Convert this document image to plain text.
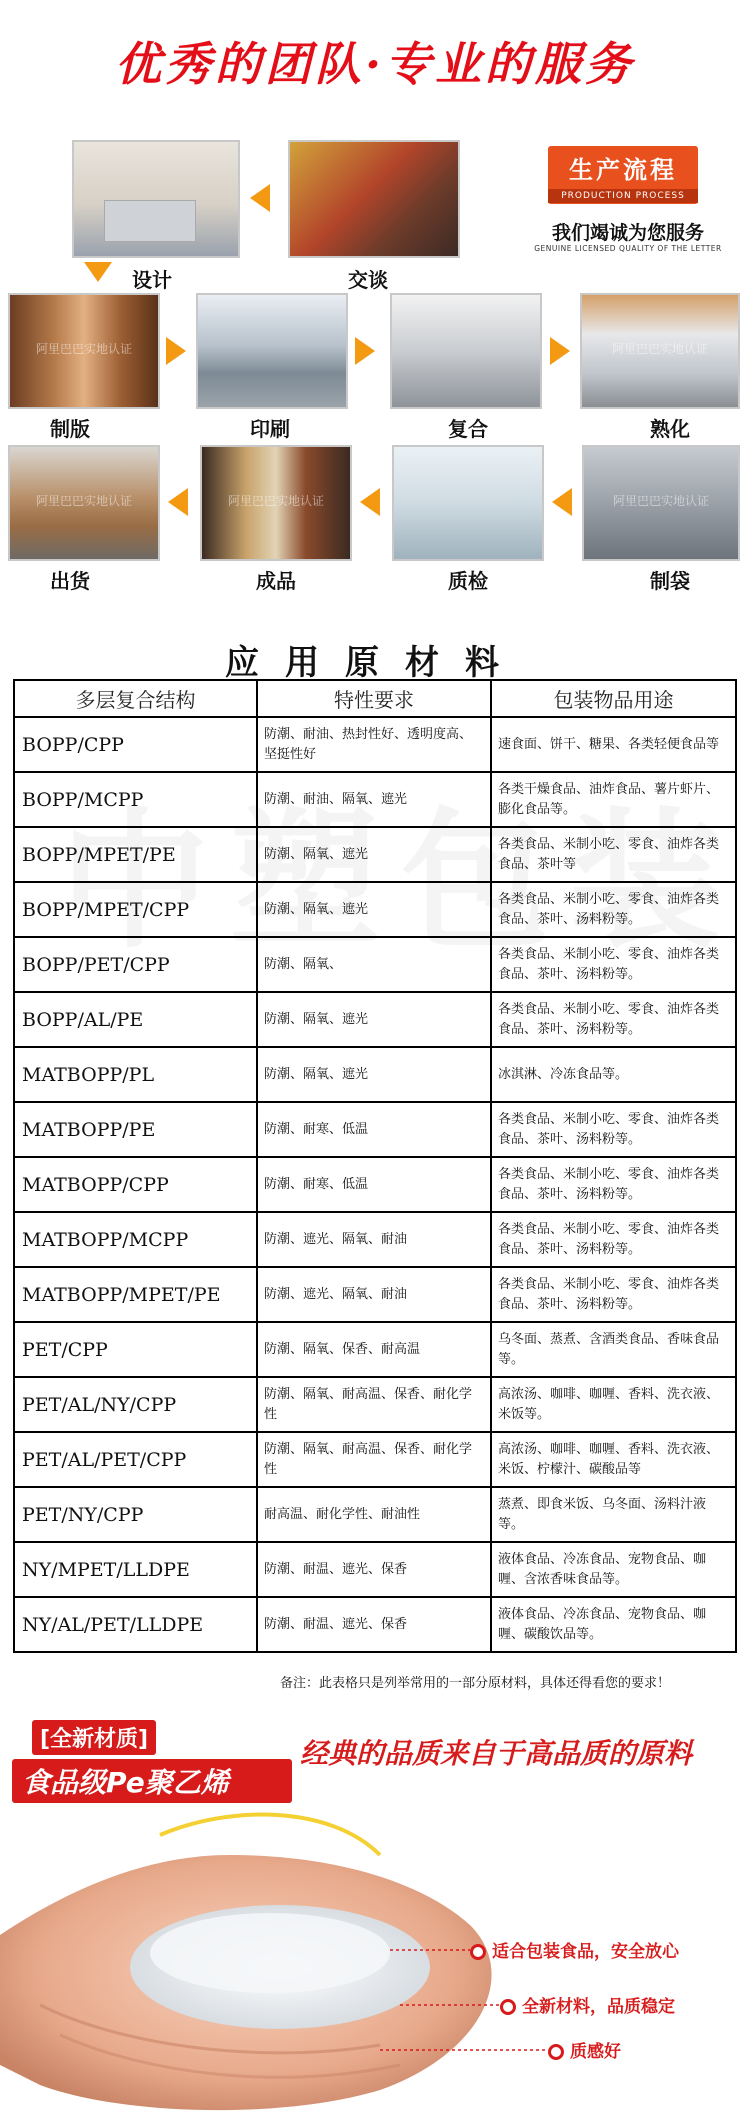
优秀的团队·专业的服务
设计	交谈
生产流程
PRODUCTION PROCESS
我们竭诚为您服务
GENUINE LICENSED QUALITY OF THE LETTER
阿里巴巴实地认证	阿里巴巴实地认证
制版	印刷	复合	熟化
阿里巴巴实地认证	阿里巴巴实地认证	阿里巴巴实地认证
出货	成品	质检	制袋
应用原材料
多层复合结构	特性要求	包装物品用途
BOPP/CPP	防潮、耐油、热封性好、透明度高、坚挺性好	速食面、饼干、糖果、各类轻便食品等
BOPP/MCPP	防潮、耐油、隔氧、遮光	各类干燥食品、油炸食品、薯片虾片、膨化食品等。
BOPP/MPET/PE	防潮、隔氧、遮光	各类食品、米制小吃、零食、油炸各类食品、茶叶等
BOPP/MPET/CPP	防潮、隔氧、遮光	各类食品、米制小吃、零食、油炸各类食品、茶叶、汤料粉等。
BOPP/PET/CPP	防潮、隔氧、	各类食品、米制小吃、零食、油炸各类食品、茶叶、汤料粉等。
BOPP/AL/PE	防潮、隔氧、遮光	各类食品、米制小吃、零食、油炸各类食品、茶叶、汤料粉等。
MATBOPP/PL	防潮、隔氧、遮光	冰淇淋、冷冻食品等。
MATBOPP/PE	防潮、耐寒、低温	各类食品、米制小吃、零食、油炸各类食品、茶叶、汤料粉等。
MATBOPP/CPP	防潮、耐寒、低温	各类食品、米制小吃、零食、油炸各类食品、茶叶、汤料粉等。
MATBOPP/MCPP	防潮、遮光、隔氧、耐油	各类食品、米制小吃、零食、油炸各类食品、茶叶、汤料粉等。
MATBOPP/MPET/PE	防潮、遮光、隔氧、耐油	各类食品、米制小吃、零食、油炸各类食品、茶叶、汤料粉等。
PET/CPP	防潮、隔氧、保香、耐高温	乌冬面、蒸煮、含酒类食品、香味食品等。
PET/AL/NY/CPP	防潮、隔氧、耐高温、保香、耐化学性	高浓汤、咖啡、咖喱、香料、洗衣液、米饭等。
PET/AL/PET/CPP	防潮、隔氧、耐高温、保香、耐化学性	高浓汤、咖啡、咖喱、香料、洗衣液、米饭、柠檬汁、碳酸品等
PET/NY/CPP	耐高温、耐化学性、耐油性	蒸煮、即食米饭、乌冬面、汤料汁液等。
NY/MPET/LLDPE	防潮、耐温、遮光、保香	液体食品、冷冻食品、宠物食品、咖喱、含浓香味食品等。
NY/AL/PET/LLDPE	防潮、耐温、遮光、保香	液体食品、冷冻食品、宠物食品、咖喱、碳酸饮品等。
备注：此表格只是列举常用的一部分原材料，具体还得看您的要求！
[全新材质]
食品级Pe聚乙烯
经典的品质来自于高品质的原料
适合包装食品，安全放心
全新材料，品质稳定
质感好
